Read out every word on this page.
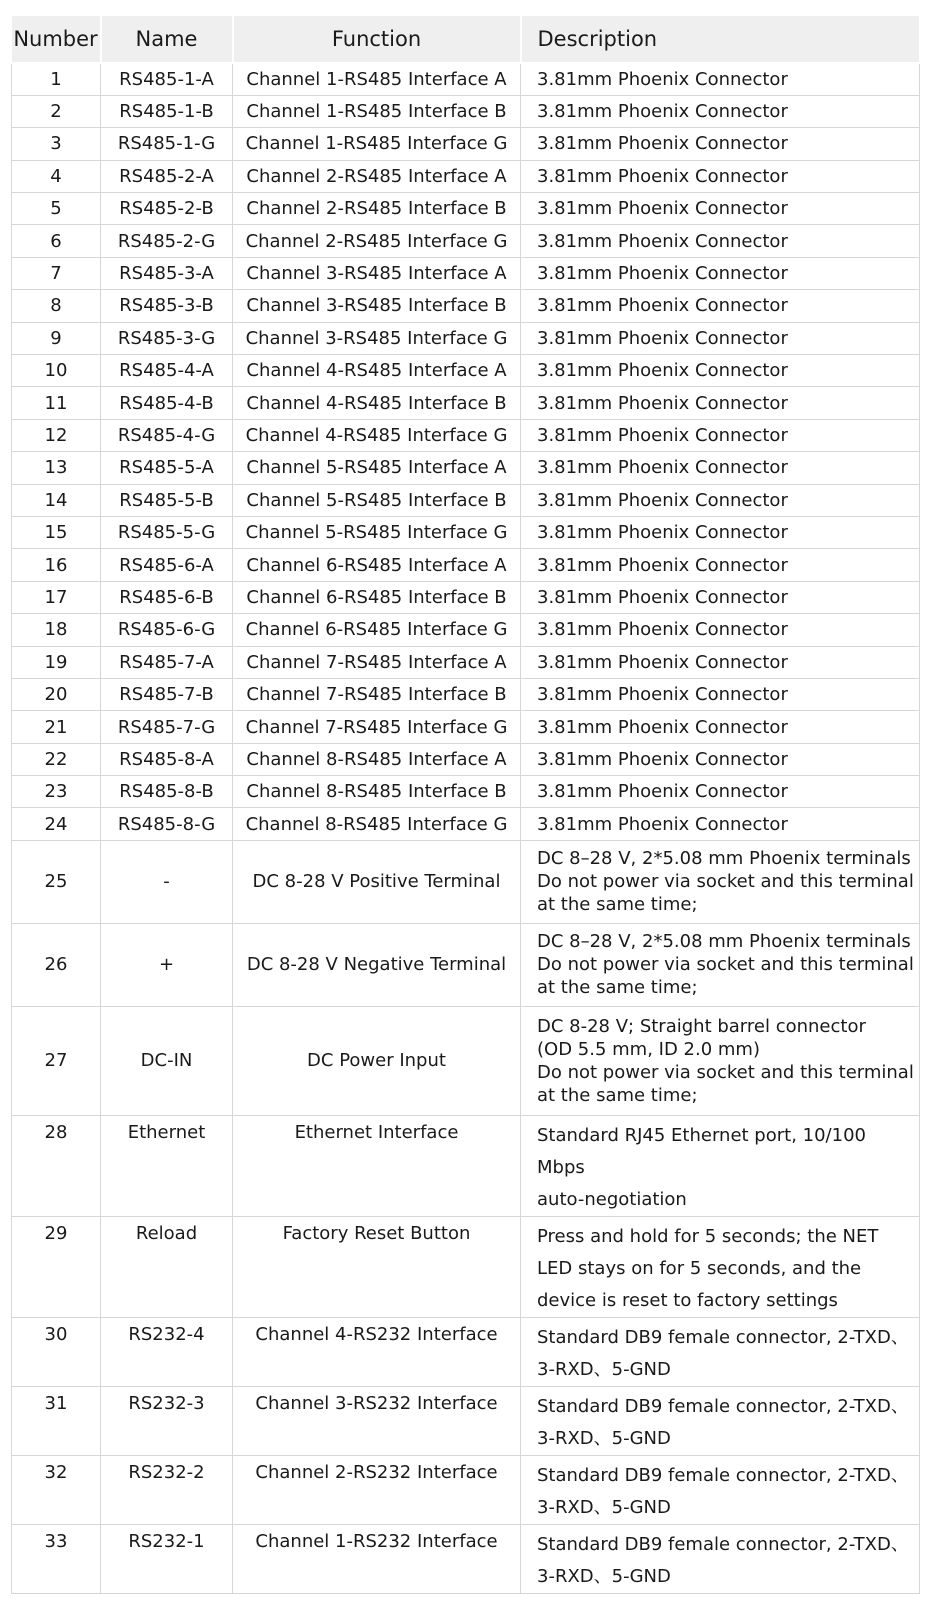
Number	Name	Function	Description
1	RS485-1-A	Channel 1-RS485 Interface A	3.81mm Phoenix Connector
2	RS485-1-B	Channel 1-RS485 Interface B	3.81mm Phoenix Connector
3	RS485-1-G	Channel 1-RS485 Interface G	3.81mm Phoenix Connector
4	RS485-2-A	Channel 2-RS485 Interface A	3.81mm Phoenix Connector
5	RS485-2-B	Channel 2-RS485 Interface B	3.81mm Phoenix Connector
6	RS485-2-G	Channel 2-RS485 Interface G	3.81mm Phoenix Connector
7	RS485-3-A	Channel 3-RS485 Interface A	3.81mm Phoenix Connector
8	RS485-3-B	Channel 3-RS485 Interface B	3.81mm Phoenix Connector
9	RS485-3-G	Channel 3-RS485 Interface G	3.81mm Phoenix Connector
10	RS485-4-A	Channel 4-RS485 Interface A	3.81mm Phoenix Connector
11	RS485-4-B	Channel 4-RS485 Interface B	3.81mm Phoenix Connector
12	RS485-4-G	Channel 4-RS485 Interface G	3.81mm Phoenix Connector
13	RS485-5-A	Channel 5-RS485 Interface A	3.81mm Phoenix Connector
14	RS485-5-B	Channel 5-RS485 Interface B	3.81mm Phoenix Connector
15	RS485-5-G	Channel 5-RS485 Interface G	3.81mm Phoenix Connector
16	RS485-6-A	Channel 6-RS485 Interface A	3.81mm Phoenix Connector
17	RS485-6-B	Channel 6-RS485 Interface B	3.81mm Phoenix Connector
18	RS485-6-G	Channel 6-RS485 Interface G	3.81mm Phoenix Connector
19	RS485-7-A	Channel 7-RS485 Interface A	3.81mm Phoenix Connector
20	RS485-7-B	Channel 7-RS485 Interface B	3.81mm Phoenix Connector
21	RS485-7-G	Channel 7-RS485 Interface G	3.81mm Phoenix Connector
22	RS485-8-A	Channel 8-RS485 Interface A	3.81mm Phoenix Connector
23	RS485-8-B	Channel 8-RS485 Interface B	3.81mm Phoenix Connector
24	RS485-8-G	Channel 8-RS485 Interface G	3.81mm Phoenix Connector
25	-	DC 8-28 V Positive Terminal	DC 8–28 V, 2*5.08 mm Phoenix terminals
Do not power via socket and this terminal
at the same time;
26	+	DC 8-28 V Negative Terminal	DC 8–28 V, 2*5.08 mm Phoenix terminals
Do not power via socket and this terminal
at the same time;
27	DC-IN	DC Power Input	DC 8-28 V; Straight barrel connector
(OD 5.5 mm, ID 2.0 mm)
Do not power via socket and this terminal
at the same time;
28	Ethernet	Ethernet Interface	Standard RJ45 Ethernet port, 10/100 Mbps
auto-negotiation
29	Reload	Factory Reset Button	Press and hold for 5 seconds; the NET
LED stays on for 5 seconds, and the
device is reset to factory settings
30	RS232-4	Channel 4-RS232 Interface	Standard DB9 female connector, 2-TXD、
3-RXD、5-GND
31	RS232-3	Channel 3-RS232 Interface	Standard DB9 female connector, 2-TXD、
3-RXD、5-GND
32	RS232-2	Channel 2-RS232 Interface	Standard DB9 female connector, 2-TXD、
3-RXD、5-GND
33	RS232-1	Channel 1-RS232 Interface	Standard DB9 female connector, 2-TXD、
3-RXD、5-GND
